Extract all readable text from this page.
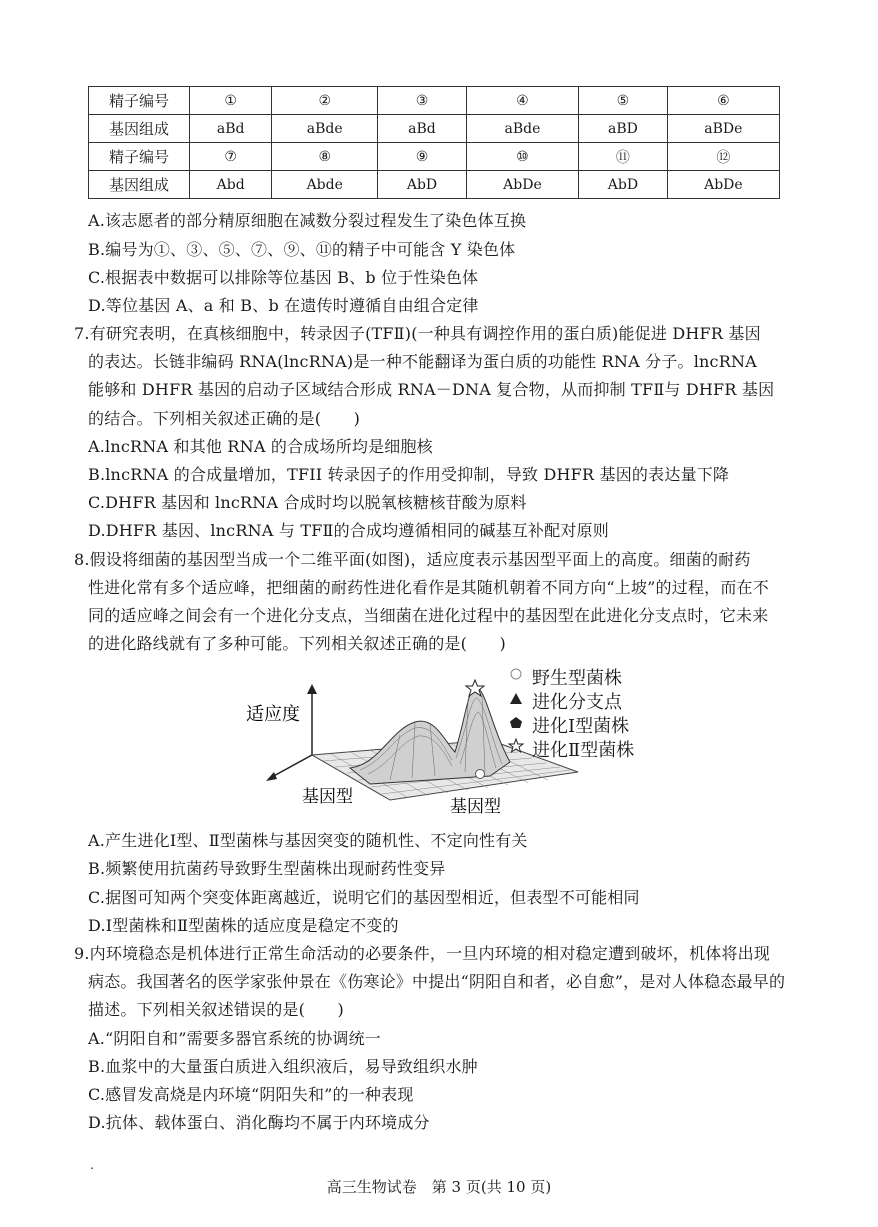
精子编号	①	②	③	④	⑤	⑥
基因组成	aBd	aBde	aBd	aBde	aBD	aBDe
精子编号	⑦	⑧	⑨	⑩	⑪	⑫
基因组成	Abd	Abde	AbD	AbDe	AbD	AbDe
A.该志愿者的部分精原细胞在减数分裂过程发生了染色体互换
B.编号为①、③、⑤、⑦、⑨、⑪的精子中可能含 Y 染色体
C.根据表中数据可以排除等位基因 B、b 位于性染色体
D.等位基因 A、a 和 B、b 在遗传时遵循自由组合定律
7.有研究表明，在真核细胞中，转录因子(TFⅡ)(一种具有调控作用的蛋白质)能促进 DHFR 基因
的表达。长链非编码 RNA(lncRNA)是一种不能翻译为蛋白质的功能性 RNA 分子。lncRNA
能够和 DHFR 基因的启动子区域结合形成 RNA－DNA 复合物，从而抑制 TFⅡ与 DHFR 基因
的结合。下列相关叙述正确的是(　　)
A.lncRNA 和其他 RNA 的合成场所均是细胞核
B.lncRNA 的合成量增加，TFII 转录因子的作用受抑制，导致 DHFR 基因的表达量下降
C.DHFR 基因和 lncRNA 合成时均以脱氧核糖核苷酸为原料
D.DHFR 基因、lncRNA 与 TFⅡ的合成均遵循相同的碱基互补配对原则
8.假设将细菌的基因型当成一个二维平面(如图)，适应度表示基因型平面上的高度。细菌的耐药
性进化常有多个适应峰，把细菌的耐药性进化看作是其随机朝着不同方向“上坡”的过程，而在不
同的适应峰之间会有一个进化分支点，当细菌在进化过程中的基因型在此进化分支点时，它未来
的进化路线就有了多种可能。下列相关叙述正确的是(　　)
适应度
基因型
基因型
野生型菌株
进化分支点
进化Ⅰ型菌株
进化Ⅱ型菌株
A.产生进化Ⅰ型、Ⅱ型菌株与基因突变的随机性、不定向性有关
B.频繁使用抗菌药导致野生型菌株出现耐药性变异
C.据图可知两个突变体距离越近，说明它们的基因型相近，但表型不可能相同
D.Ⅰ型菌株和Ⅱ型菌株的适应度是稳定不变的
9.内环境稳态是机体进行正常生命活动的必要条件，一旦内环境的相对稳定遭到破坏，机体将出现
病态。我国著名的医学家张仲景在《伤寒论》中提出“阴阳自和者，必自愈”，是对人体稳态最早的
描述。下列相关叙述错误的是(　　)
A.“阴阳自和”需要多器官系统的协调统一
B.血浆中的大量蛋白质进入组织液后，易导致组织水肿
C.感冒发高烧是内环境“阴阳失和”的一种表现
D.抗体、载体蛋白、消化酶均不属于内环境成分
.
高三生物试卷　第 3 页(共 10 页)
